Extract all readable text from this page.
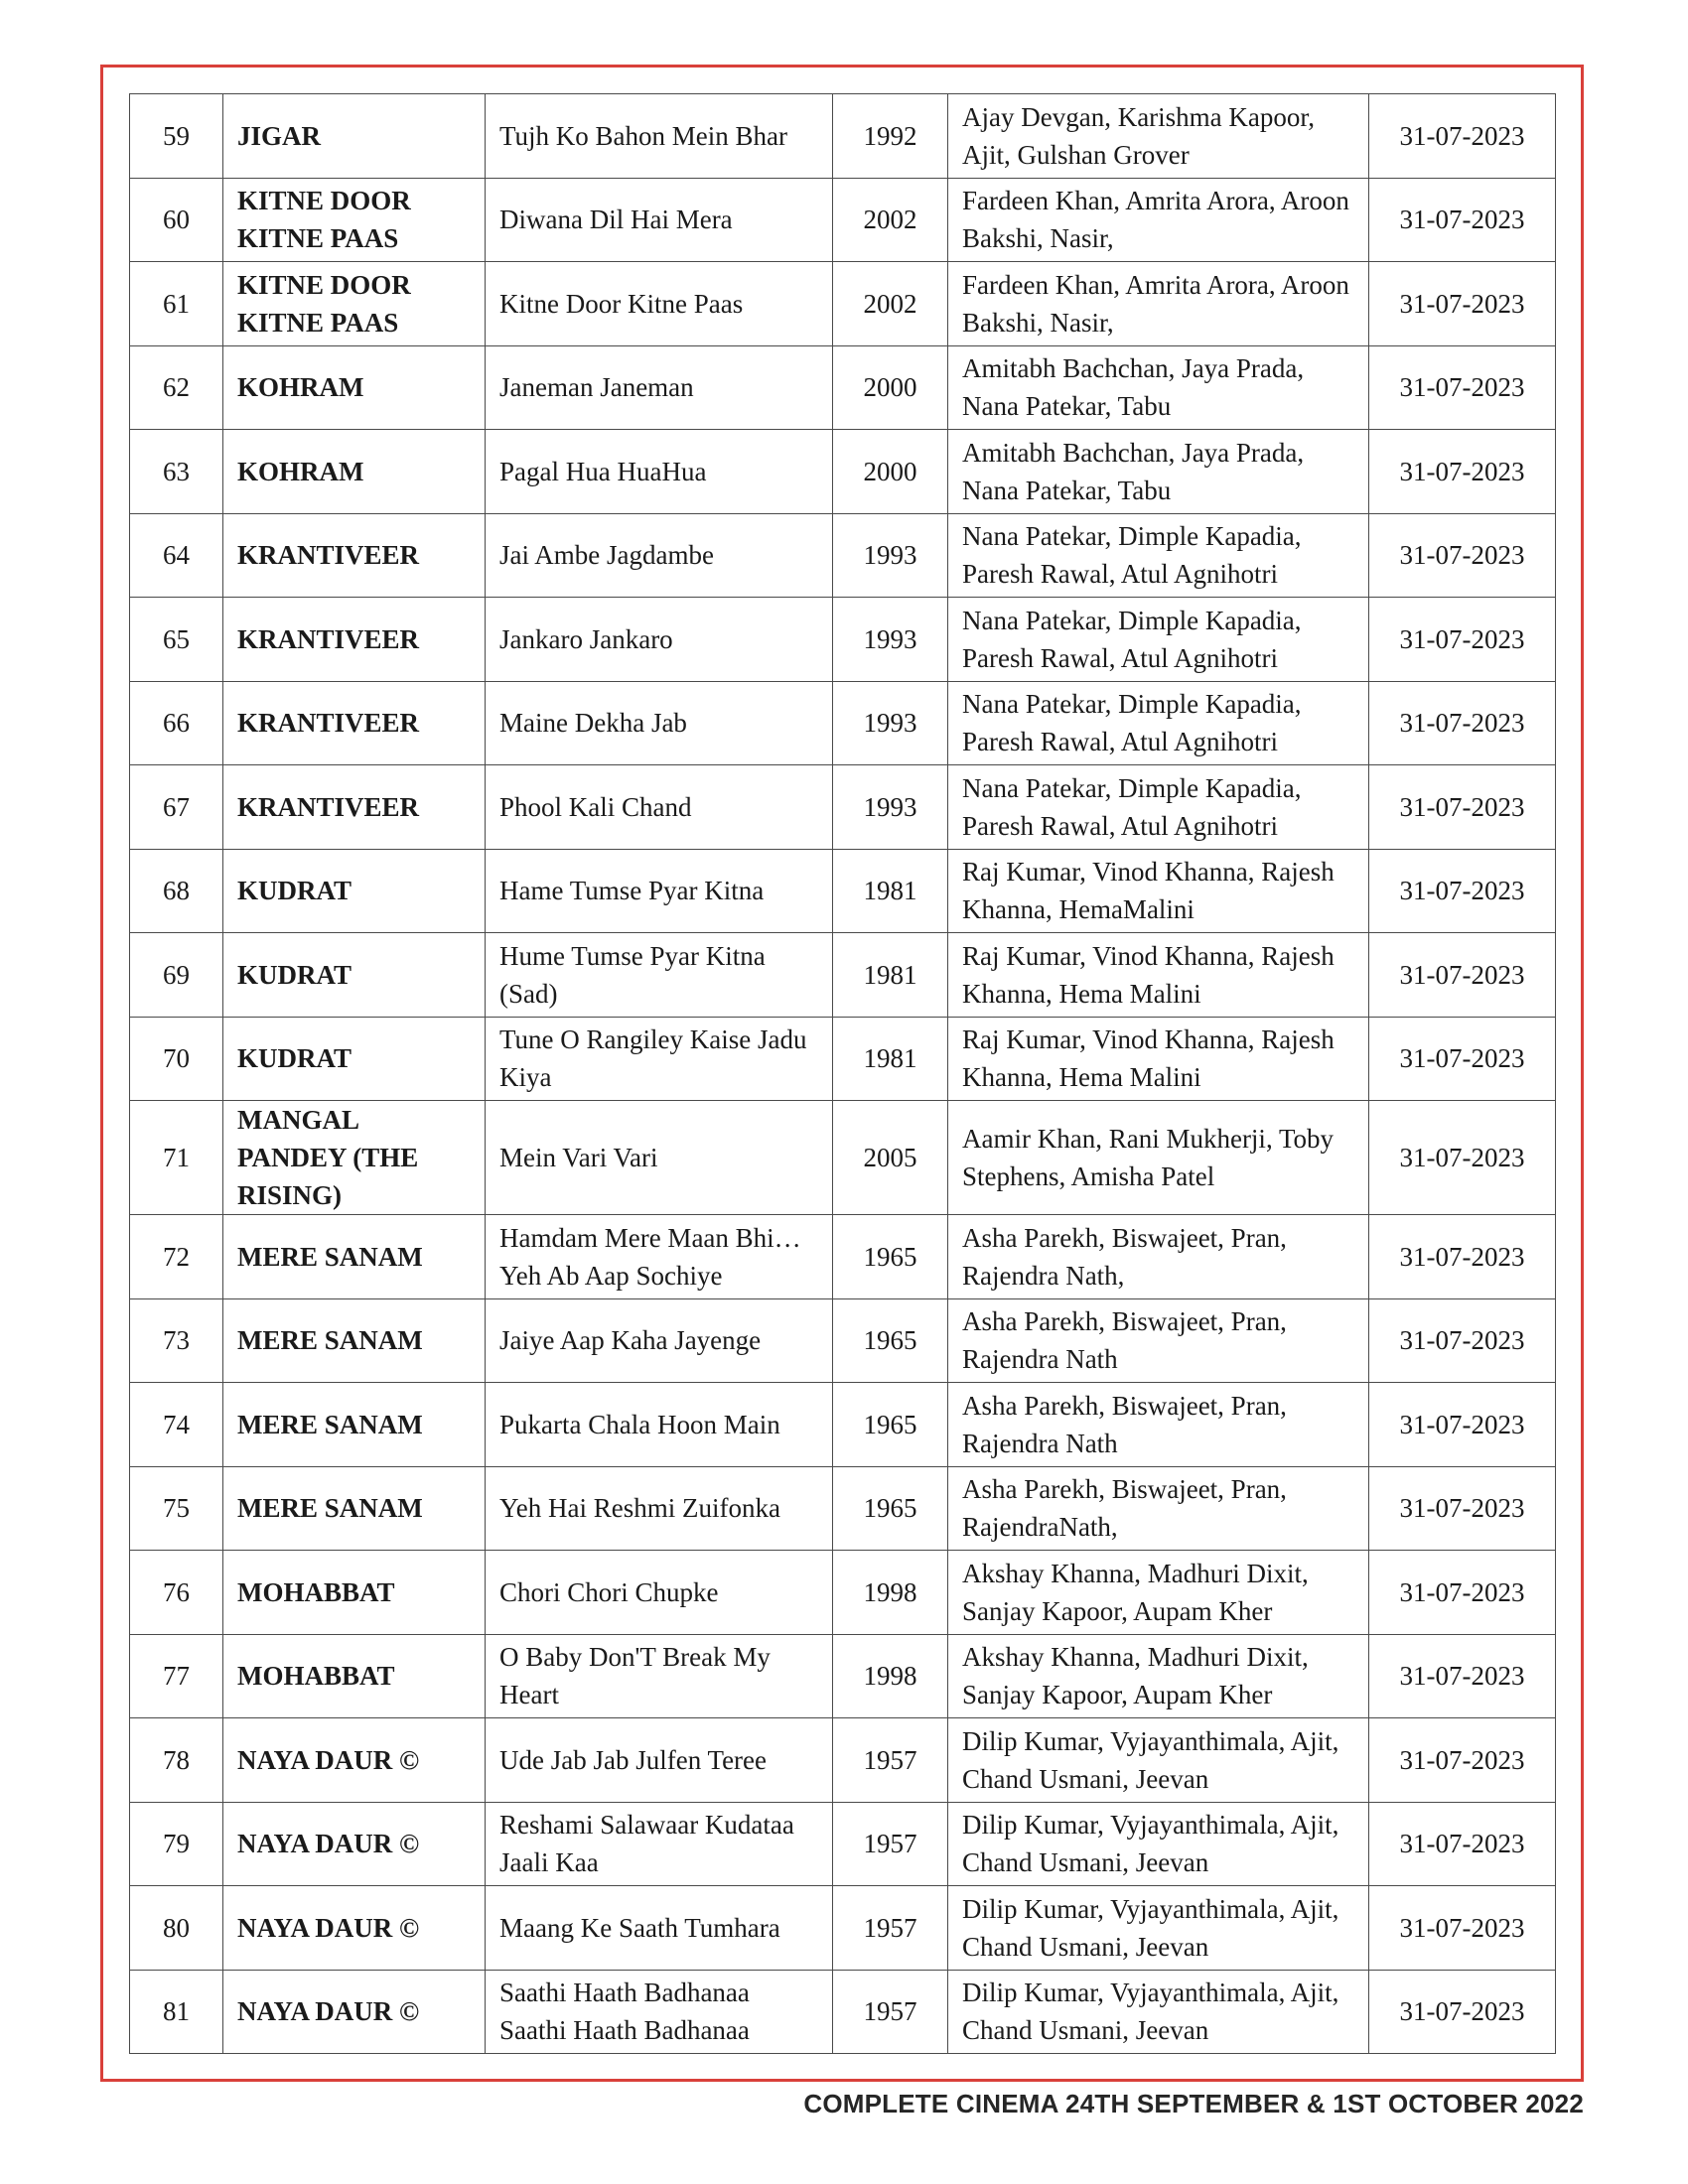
59	JIGAR	Tujh Ko Bahon Mein Bhar	1992	Ajay Devgan, Karishma Kapoor, Ajit, Gulshan Grover	31-07-2023
60	KITNE DOOR KITNE PAAS	Diwana Dil Hai Mera	2002	Fardeen Khan, Amrita Arora, Aroon Bakshi, Nasir,	31-07-2023
61	KITNE DOOR KITNE PAAS	Kitne Door Kitne Paas	2002	Fardeen Khan, Amrita Arora, Aroon Bakshi, Nasir,	31-07-2023
62	KOHRAM	Janeman Janeman	2000	Amitabh Bachchan, Jaya Prada, Nana Patekar, Tabu	31-07-2023
63	KOHRAM	Pagal Hua HuaHua	2000	Amitabh Bachchan, Jaya Prada, Nana Patekar, Tabu	31-07-2023
64	KRANTIVEER	Jai Ambe Jagdambe	1993	Nana Patekar, Dimple Kapadia, Paresh Rawal, Atul Agnihotri	31-07-2023
65	KRANTIVEER	Jankaro Jankaro	1993	Nana Patekar, Dimple Kapadia, Paresh Rawal, Atul Agnihotri	31-07-2023
66	KRANTIVEER	Maine Dekha Jab	1993	Nana Patekar, Dimple Kapadia, Paresh Rawal, Atul Agnihotri	31-07-2023
67	KRANTIVEER	Phool Kali Chand	1993	Nana Patekar, Dimple Kapadia, Paresh Rawal, Atul Agnihotri	31-07-2023
68	KUDRAT	Hame Tumse Pyar Kitna	1981	Raj Kumar, Vinod Khanna, Rajesh Khanna, HemaMalini	31-07-2023
69	KUDRAT	Hume Tumse Pyar Kitna (Sad)	1981	Raj Kumar, Vinod Khanna, Rajesh Khanna, Hema Malini	31-07-2023
70	KUDRAT	Tune O Rangiley Kaise Jadu Kiya	1981	Raj Kumar, Vinod Khanna, Rajesh Khanna, Hema Malini	31-07-2023
71	MANGAL PANDEY (THE RISING)	Mein Vari Vari	2005	Aamir Khan, Rani Mukherji, Toby Stephens, Amisha Patel	31-07-2023
72	MERE SANAM	Hamdam Mere Maan Bhi… Yeh Ab Aap Sochiye	1965	Asha Parekh, Biswajeet, Pran, Rajendra Nath,	31-07-2023
73	MERE SANAM	Jaiye Aap Kaha Jayenge	1965	Asha Parekh, Biswajeet, Pran, Rajendra Nath	31-07-2023
74	MERE SANAM	Pukarta Chala Hoon Main	1965	Asha Parekh, Biswajeet, Pran, Rajendra Nath	31-07-2023
75	MERE SANAM	Yeh Hai Reshmi Zuifonka	1965	Asha Parekh, Biswajeet, Pran, RajendraNath,	31-07-2023
76	MOHABBAT	Chori Chori Chupke	1998	Akshay Khanna, Madhuri Dixit, Sanjay Kapoor, Aupam Kher	31-07-2023
77	MOHABBAT	O Baby Don'T Break My Heart	1998	Akshay Khanna, Madhuri Dixit, Sanjay Kapoor, Aupam Kher	31-07-2023
78	NAYA DAUR ©	Ude Jab Jab Julfen Teree	1957	Dilip Kumar, Vyjayanthimala, Ajit, Chand Usmani, Jeevan	31-07-2023
79	NAYA DAUR ©	Reshami Salawaar Kudataa Jaali Kaa	1957	Dilip Kumar, Vyjayanthimala, Ajit, Chand Usmani, Jeevan	31-07-2023
80	NAYA DAUR ©	Maang Ke Saath Tumhara	1957	Dilip Kumar, Vyjayanthimala, Ajit, Chand Usmani, Jeevan	31-07-2023
81	NAYA DAUR ©	Saathi Haath Badhanaa Saathi Haath Badhanaa	1957	Dilip Kumar, Vyjayanthimala, Ajit, Chand Usmani, Jeevan	31-07-2023
COMPLETE CINEMA 24TH SEPTEMBER & 1ST OCTOBER 2022
